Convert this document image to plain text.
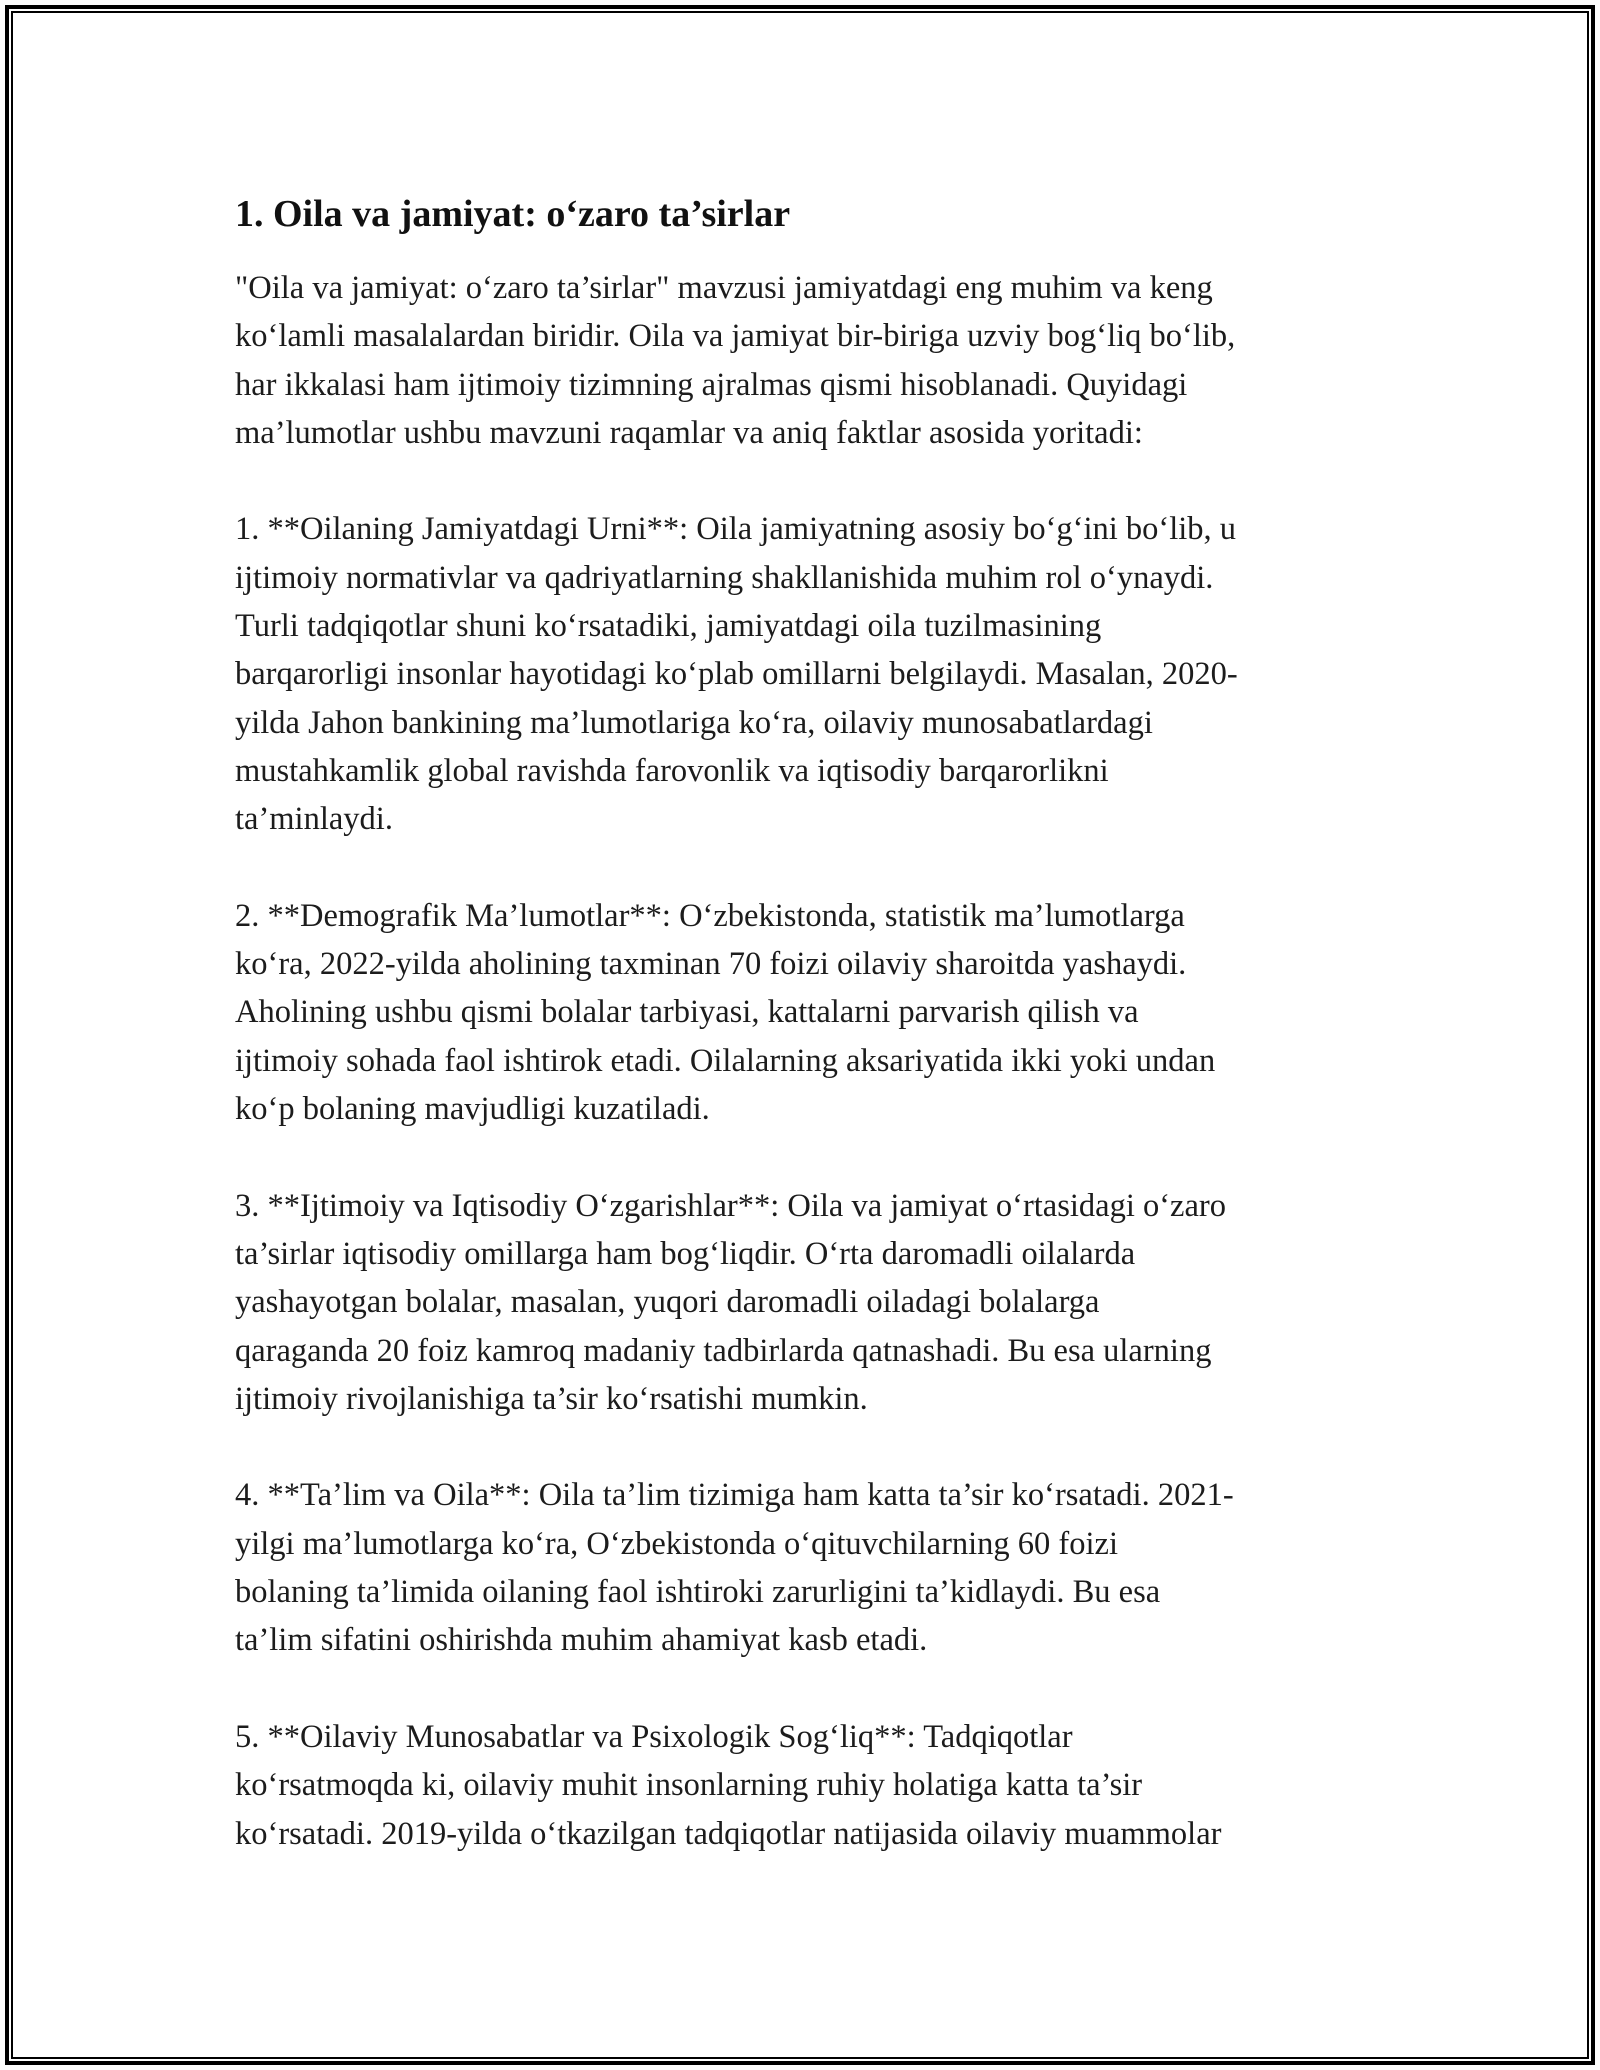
1. Oila va jamiyat: o‘zaro ta’sirlar

"Oila va jamiyat: o‘zaro ta’sirlar" mavzusi jamiyatdagi eng muhim va keng
ko‘lamli masalalardan biridir. Oila va jamiyat bir-biriga uzviy bog‘liq bo‘lib,
har ikkalasi ham ijtimoiy tizimning ajralmas qismi hisoblanadi. Quyidagi
ma’lumotlar ushbu mavzuni raqamlar va aniq faktlar asosida yoritadi:

1. **Oilaning Jamiyatdagi Urni**: Oila jamiyatning asosiy bo‘g‘ini bo‘lib, u
ijtimoiy normativlar va qadriyatlarning shakllanishida muhim rol o‘ynaydi.
Turli tadqiqotlar shuni ko‘rsatadiki, jamiyatdagi oila tuzilmasining
barqarorligi insonlar hayotidagi ko‘plab omillarni belgilaydi. Masalan, 2020-
yilda Jahon bankining ma’lumotlariga ko‘ra, oilaviy munosabatlardagi
mustahkamlik global ravishda farovonlik va iqtisodiy barqarorlikni
ta’minlaydi.

2. **Demografik Ma’lumotlar**: O‘zbekistonda, statistik ma’lumotlarga
ko‘ra, 2022-yilda aholining taxminan 70 foizi oilaviy sharoitda yashaydi.
Aholining ushbu qismi bolalar tarbiyasi, kattalarni parvarish qilish va
ijtimoiy sohada faol ishtirok etadi. Oilalarning aksariyatida ikki yoki undan
ko‘p bolaning mavjudligi kuzatiladi.

3. **Ijtimoiy va Iqtisodiy O‘zgarishlar**: Oila va jamiyat o‘rtasidagi o‘zaro
ta’sirlar iqtisodiy omillarga ham bog‘liqdir. O‘rta daromadli oilalarda
yashayotgan bolalar, masalan, yuqori daromadli oiladagi bolalarga
qaraganda 20 foiz kamroq madaniy tadbirlarda qatnashadi. Bu esa ularning
ijtimoiy rivojlanishiga ta’sir ko‘rsatishi mumkin.

4. **Ta’lim va Oila**: Oila ta’lim tizimiga ham katta ta’sir ko‘rsatadi. 2021-
yilgi ma’lumotlarga ko‘ra, O‘zbekistonda o‘qituvchilarning 60 foizi
bolaning ta’limida oilaning faol ishtiroki zarurligini ta’kidlaydi. Bu esa
ta’lim sifatini oshirishda muhim ahamiyat kasb etadi.

5. **Oilaviy Munosabatlar va Psixologik Sog‘liq**: Tadqiqotlar
ko‘rsatmoqda ki, oilaviy muhit insonlarning ruhiy holatiga katta ta’sir
ko‘rsatadi. 2019-yilda o‘tkazilgan tadqiqotlar natijasida oilaviy muammolar
